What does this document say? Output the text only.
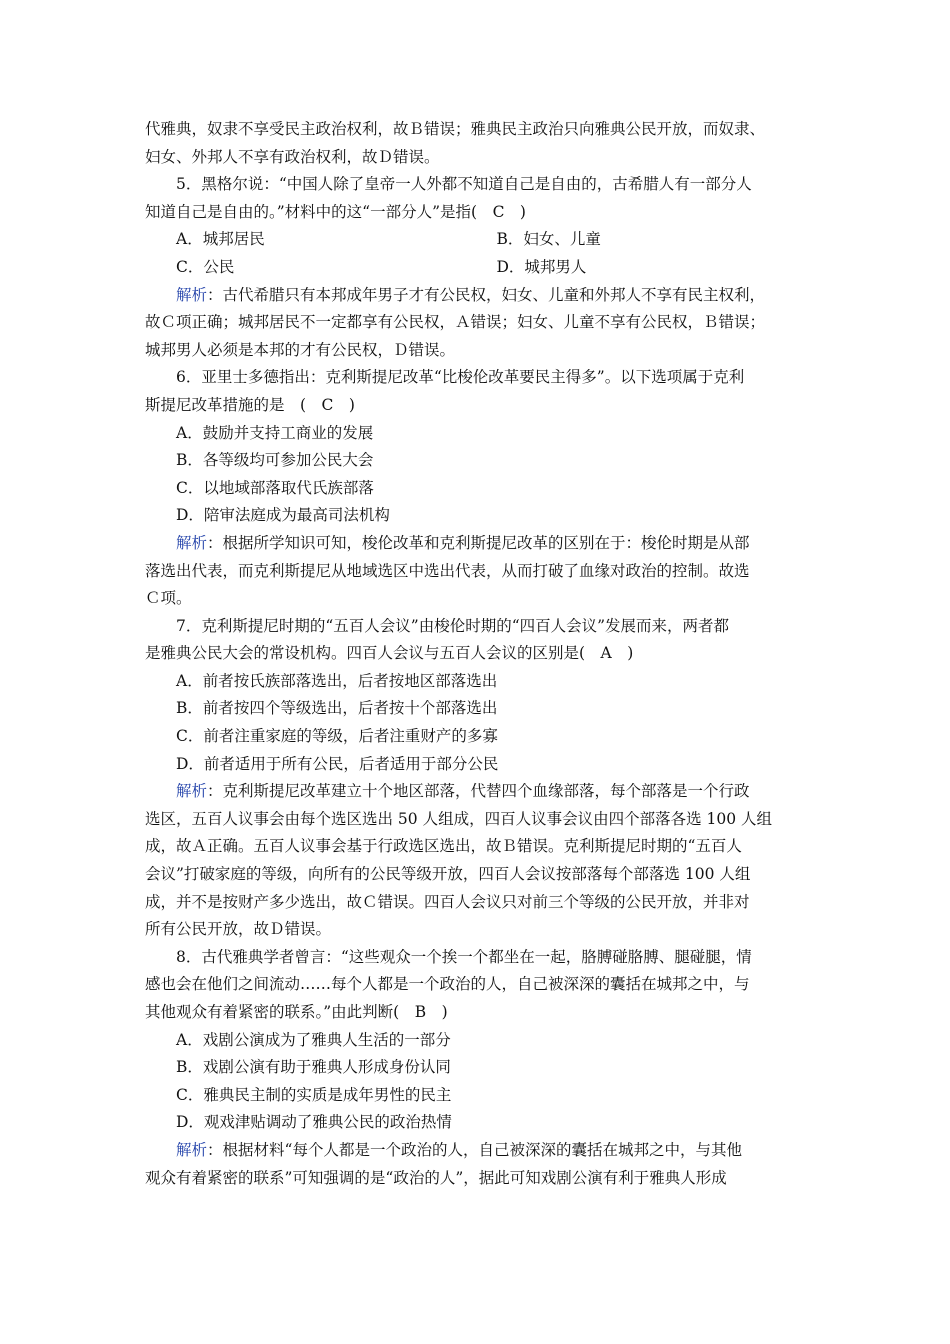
代雅典，奴隶不享受民主政治权利，故Ｂ错误；雅典民主政治只向雅典公民开放，而奴隶、

妇女、外邦人不享有政治权利，故Ｄ错误。

5．黑格尔说：“中国人除了皇帝一人外都不知道自己是自由的，古希腊人有一部分人

知道自己是自由的。”材料中的这“一部分人”是指(　C　)

A．城邦居民	B．妇女、儿童
C．公民	D．城邦男人

解析：古代希腊只有本邦成年男子才有公民权，妇女、儿童和外邦人不享有民主权利，

故Ｃ项正确；城邦居民不一定都享有公民权，Ａ错误；妇女、儿童不享有公民权，Ｂ错误；

城邦男人必须是本邦的才有公民权，Ｄ错误。

6．亚里士多德指出：克利斯提尼改革“比梭伦改革要民主得多”。以下选项属于克利

斯提尼改革措施的是　(　C　)

A．鼓励并支持工商业的发展

B．各等级均可参加公民大会

C．以地域部落取代氏族部落

D．陪审法庭成为最高司法机构

解析：根据所学知识可知，梭伦改革和克利斯提尼改革的区别在于：梭伦时期是从部

落选出代表，而克利斯提尼从地域选区中选出代表，从而打破了血缘对政治的控制。故选

Ｃ项。

7．克利斯提尼时期的“五百人会议”由梭伦时期的“四百人会议”发展而来，两者都

是雅典公民大会的常设机构。四百人会议与五百人会议的区别是(　A　)

A．前者按氏族部落选出，后者按地区部落选出

B．前者按四个等级选出，后者按十个部落选出

C．前者注重家庭的等级，后者注重财产的多寡

D．前者适用于所有公民，后者适用于部分公民

解析：克利斯提尼改革建立十个地区部落，代替四个血缘部落，每个部落是一个行政

选区，五百人议事会由每个选区选出 50 人组成，四百人议事会议由四个部落各选 100 人组

成，故Ａ正确。五百人议事会基于行政选区选出，故Ｂ错误。克利斯提尼时期的“五百人

会议”打破家庭的等级，向所有的公民等级开放，四百人会议按部落每个部落选 100 人组

成，并不是按财产多少选出，故Ｃ错误。四百人会议只对前三个等级的公民开放，并非对

所有公民开放，故Ｄ错误。

8．古代雅典学者曾言：“这些观众一个挨一个都坐在一起，胳膊碰胳膊、腿碰腿，情

感也会在他们之间流动……每个人都是一个政治的人，自己被深深的囊括在城邦之中，与

其他观众有着紧密的联系。”由此判断(　B　)

A．戏剧公演成为了雅典人生活的一部分

B．戏剧公演有助于雅典人形成身份认同

C．雅典民主制的实质是成年男性的民主

D．观戏津贴调动了雅典公民的政治热情

解析：根据材料“每个人都是一个政治的人，自己被深深的囊括在城邦之中，与其他

观众有着紧密的联系”可知强调的是“政治的人”，据此可知戏剧公演有利于雅典人形成
